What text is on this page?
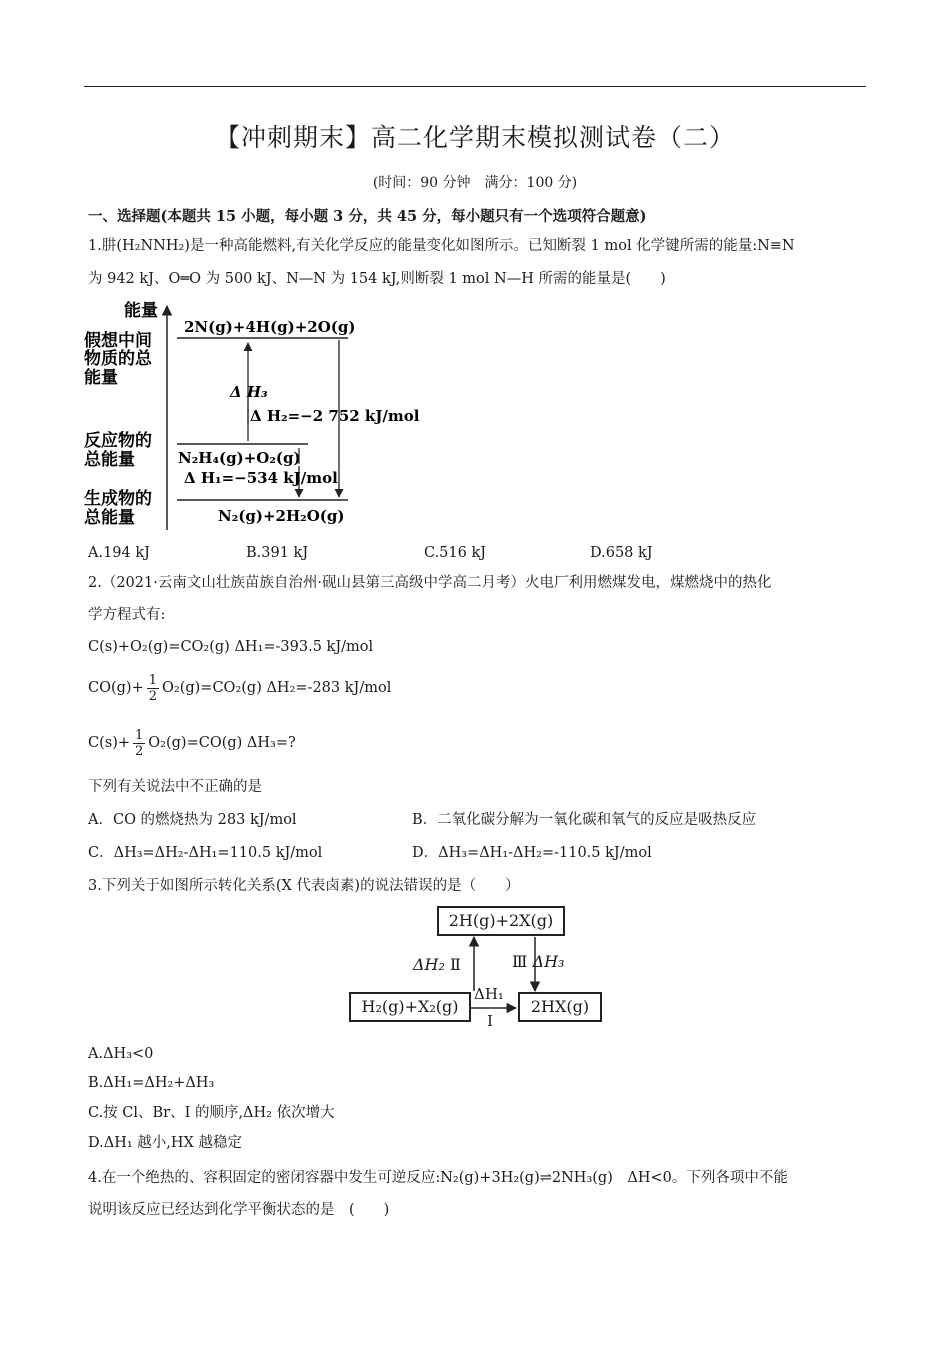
【冲刺期末】高二化学期末模拟测试卷（二）
(时间：90 分钟　满分：100 分)
一、选择题(本题共 15 小题，每小题 3 分，共 45 分，每小题只有一个选项符合题意)
1.肼(H₂NNH₂)是一种高能燃料,有关化学反应的能量变化如图所示。已知断裂 1 mol 化学键所需的能量:N≡N
为 942 kJ、O═O 为 500 kJ、N—N 为 154 kJ,则断裂 1 mol N—H 所需的能量是(　　)
能量
假想中间
物质的总
能量
反应物的
总能量
生成物的
总能量
2N(g)+4H(g)+2O(g)
N₂H₄(g)+O₂(g)
N₂(g)+2H₂O(g)
Δ H₃
Δ H₂=−2 752 kJ/mol
Δ H₁=−534 kJ/mol
A.194 kJ	B.391 kJ	C.516 kJ	D.658 kJ
2.（2021·云南文山壮族苗族自治州·砚山县第三高级中学高二月考）火电厂利用燃煤发电，煤燃烧中的热化
学方程式有:
C(s)+O₂(g)=CO₂(g) ΔH₁=-393.5 kJ/mol
$CO(g)+ \frac{1}{2} O_2(g)=CO_2(g)$ ΔH₂=-283 kJ/mol
$C(s)+ \frac{1}{2} O_2(g)=CO(g)$ ΔH₃=?
下列有关说法中不正确的是
A．CO 的燃烧热为 283 kJ/mol	B．二氧化碳分解为一氧化碳和氧气的反应是吸热反应
C．ΔH₃=ΔH₂-ΔH₁=110.5 kJ/mol	D．ΔH₃=ΔH₁-ΔH₂=-110.5 kJ/mol
3.下列关于如图所示转化关系(X 代表卤素)的说法错误的是（　　）
2H(g)+2X(g)
H₂(g)+X₂(g)	2HX(g)
ΔH₂ Ⅱ	Ⅲ ΔH₃
ΔH₁
Ⅰ
A.ΔH₃<0
B.ΔH₁=ΔH₂+ΔH₃
C.按 Cl、Br、I 的顺序,ΔH₂ 依次增大
D.ΔH₁ 越小,HX 越稳定
4.在一个绝热的、容积固定的密闭容器中发生可逆反应:N₂(g)+3H₂(g)⇌2NH₃(g)　ΔH<0。下列各项中不能
说明该反应已经达到化学平衡状态的是　(　　)
